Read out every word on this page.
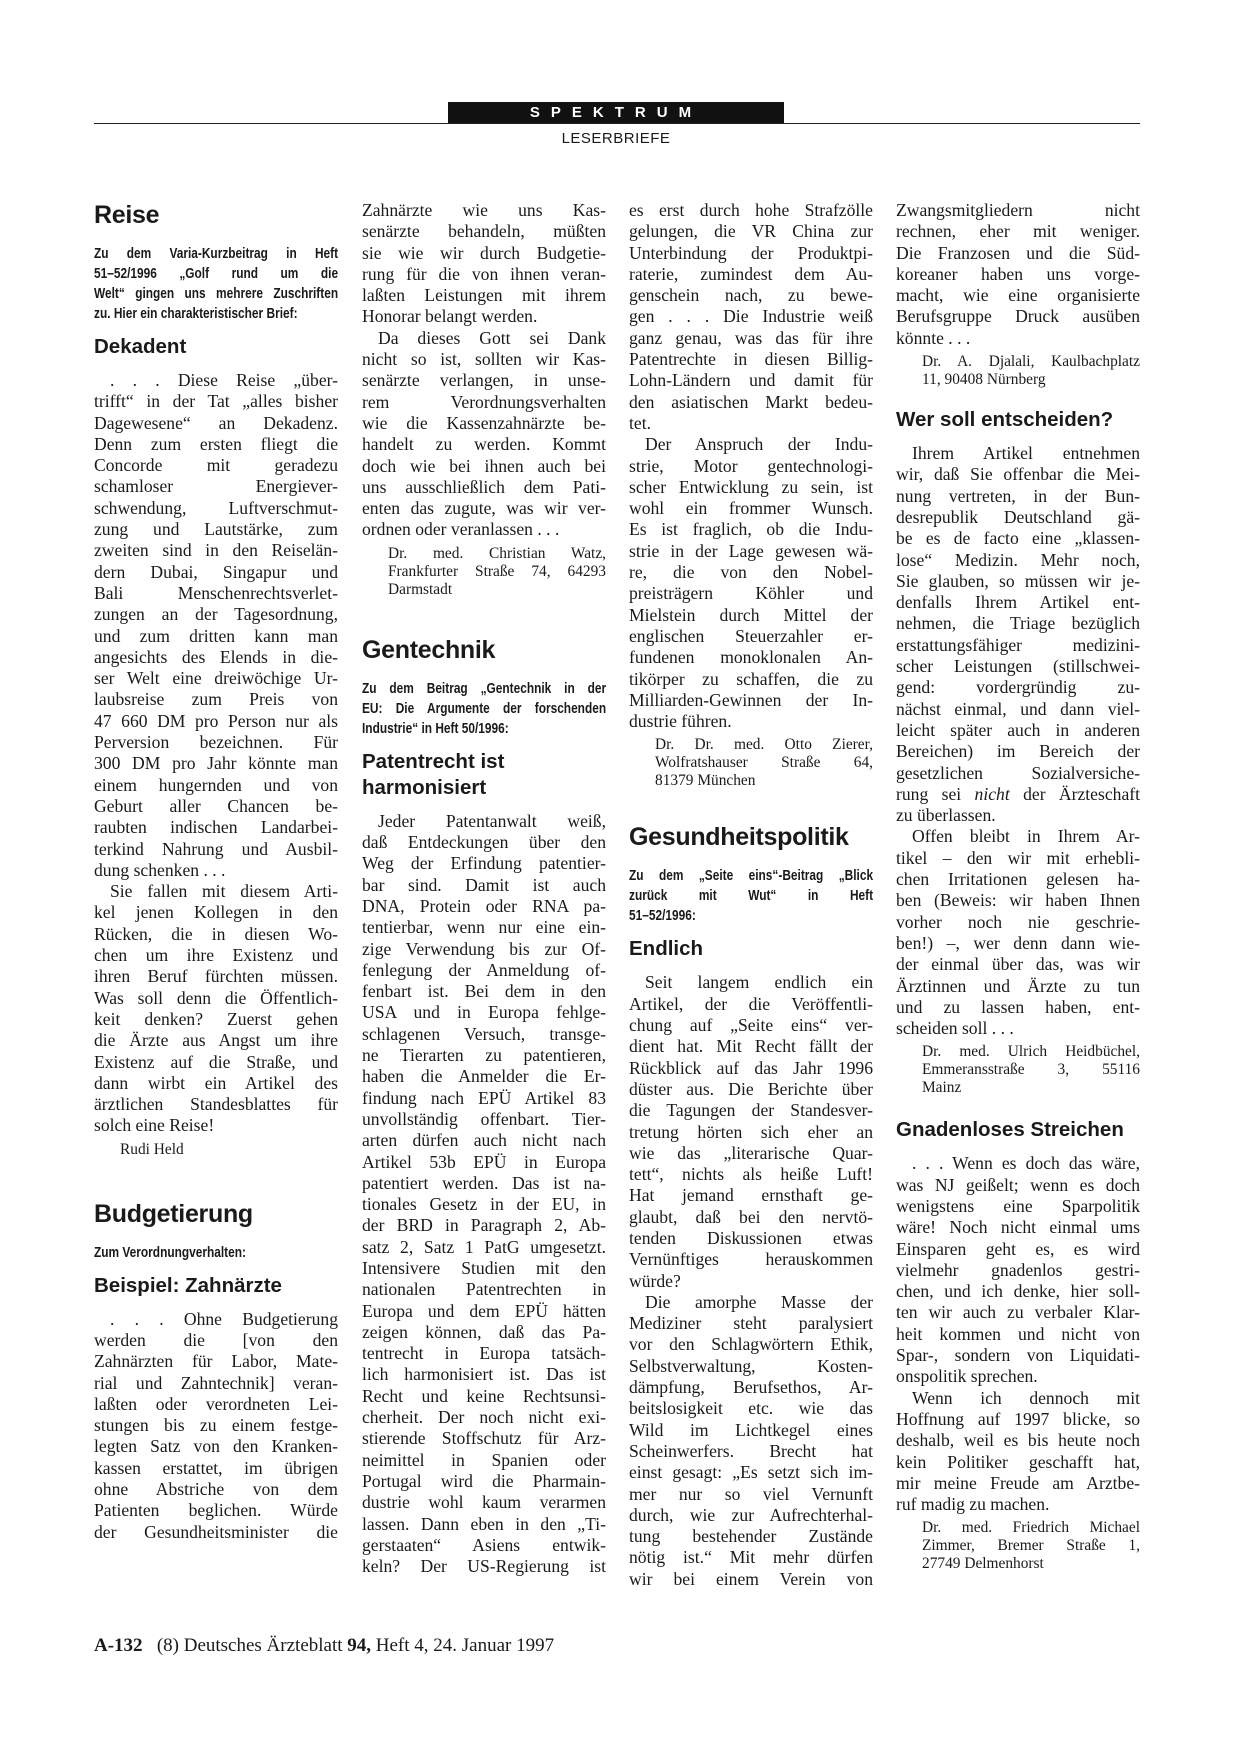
SPEKTRUM
LESERBRIEFE
Reise
Zu dem Varia-Kurzbeitrag in Heft
51–52/1996 „Golf rund um die
Welt“ gingen uns mehrere Zuschriften
zu. Hier ein charakteristischer Brief:
Dekadent
. . . Diese Reise „über-
trifft“ in der Tat „alles bisher
Dagewesene“ an Dekadenz.
Denn zum ersten fliegt die
Concorde mit geradezu
schamloser Energiever-
schwendung, Luftverschmut-
zung und Lautstärke, zum
zweiten sind in den Reiselän-
dern Dubai, Singapur und
Bali Menschenrechtsverlet-
zungen an der Tagesordnung,
und zum dritten kann man
angesichts des Elends in die-
ser Welt eine dreiwöchige Ur-
laubsreise zum Preis von
47 660 DM pro Person nur als
Perversion bezeichnen. Für
300 DM pro Jahr könnte man
einem hungernden und von
Geburt aller Chancen be-
raubten indischen Landarbei-
terkind Nahrung und Ausbil-
dung schenken . . .
Sie fallen mit diesem Arti-
kel jenen Kollegen in den
Rücken, die in diesen Wo-
chen um ihre Existenz und
ihren Beruf fürchten müssen.
Was soll denn die Öffentlich-
keit denken? Zuerst gehen
die Ärzte aus Angst um ihre
Existenz auf die Straße, und
dann wirbt ein Artikel des
ärztlichen Standesblattes für
solch eine Reise!
Rudi Held
Budgetierung
Zum Verordnungverhalten:
Beispiel: Zahnärzte
. . . Ohne Budgetierung
werden die [von den
Zahnärzten für Labor, Mate-
rial und Zahntechnik] veran-
laßten oder verordneten Lei-
stungen bis zu einem festge-
legten Satz von den Kranken-
kassen erstattet, im übrigen
ohne Abstriche von dem
Patienten beglichen. Würde
der Gesundheitsminister die
Zahnärzte wie uns Kas-
senärzte behandeln, müßten
sie wie wir durch Budgetie-
rung für die von ihnen veran-
laßten Leistungen mit ihrem
Honorar belangt werden.
Da dieses Gott sei Dank
nicht so ist, sollten wir Kas-
senärzte verlangen, in unse-
rem Verordnungsverhalten
wie die Kassenzahnärzte be-
handelt zu werden. Kommt
doch wie bei ihnen auch bei
uns ausschließlich dem Pati-
enten das zugute, was wir ver-
ordnen oder veranlassen . . .
Dr. med. Christian Watz,
Frankfurter Straße 74, 64293
Darmstadt
Gentechnik
Zu dem Beitrag „Gentechnik in der
EU: Die Argumente der forschenden
Industrie“ in Heft 50/1996:
Patentrecht ist
harmonisiert
Jeder Patentanwalt weiß,
daß Entdeckungen über den
Weg der Erfindung patentier-
bar sind. Damit ist auch
DNA, Protein oder RNA pa-
tentierbar, wenn nur eine ein-
zige Verwendung bis zur Of-
fenlegung der Anmeldung of-
fenbart ist. Bei dem in den
USA und in Europa fehlge-
schlagenen Versuch, transge-
ne Tierarten zu patentieren,
haben die Anmelder die Er-
findung nach EPÜ Artikel 83
unvollständig offenbart. Tier-
arten dürfen auch nicht nach
Artikel 53b EPÜ in Europa
patentiert werden. Das ist na-
tionales Gesetz in der EU, in
der BRD in Paragraph 2, Ab-
satz 2, Satz 1 PatG umgesetzt.
Intensivere Studien mit den
nationalen Patentrechten in
Europa und dem EPÜ hätten
zeigen können, daß das Pa-
tentrecht in Europa tatsäch-
lich harmonisiert ist. Das ist
Recht und keine Rechtsunsi-
cherheit. Der noch nicht exi-
stierende Stoffschutz für Arz-
neimittel in Spanien oder
Portugal wird die Pharmain-
dustrie wohl kaum verarmen
lassen. Dann eben in den „Ti-
gerstaaten“ Asiens entwik-
keln? Der US-Regierung ist
es erst durch hohe Strafzölle
gelungen, die VR China zur
Unterbindung der Produktpi-
raterie, zumindest dem Au-
genschein nach, zu bewe-
gen . . . Die Industrie weiß
ganz genau, was das für ihre
Patentrechte in diesen Billig-
Lohn-Ländern und damit für
den asiatischen Markt bedeu-
tet.
Der Anspruch der Indu-
strie, Motor gentechnologi-
scher Entwicklung zu sein, ist
wohl ein frommer Wunsch.
Es ist fraglich, ob die Indu-
strie in der Lage gewesen wä-
re, die von den Nobel-
preisträgern Köhler und
Mielstein durch Mittel der
englischen Steuerzahler er-
fundenen monoklonalen An-
tikörper zu schaffen, die zu
Milliarden-Gewinnen der In-
dustrie führen.
Dr. Dr. med. Otto Zierer,
Wolfratshauser Straße 64,
81379 München
Gesundheitspolitik
Zu dem „Seite eins“-Beitrag „Blick
zurück mit Wut“ in Heft
51–52/1996:
Endlich
Seit langem endlich ein
Artikel, der die Veröffentli-
chung auf „Seite eins“ ver-
dient hat. Mit Recht fällt der
Rückblick auf das Jahr 1996
düster aus. Die Berichte über
die Tagungen der Standesver-
tretung hörten sich eher an
wie das „literarische Quar-
tett“, nichts als heiße Luft!
Hat jemand ernsthaft ge-
glaubt, daß bei den nervtö-
tenden Diskussionen etwas
Vernünftiges herauskommen
würde?
Die amorphe Masse der
Mediziner steht paralysiert
vor den Schlagwörtern Ethik,
Selbstverwaltung, Kosten-
dämpfung, Berufsethos, Ar-
beitslosigkeit etc. wie das
Wild im Lichtkegel eines
Scheinwerfers. Brecht hat
einst gesagt: „Es setzt sich im-
mer nur so viel Vernunft
durch, wie zur Aufrechterhal-
tung bestehender Zustände
nötig ist.“ Mit mehr dürfen
wir bei einem Verein von
Zwangsmitgliedern nicht
rechnen, eher mit weniger.
Die Franzosen und die Süd-
koreaner haben uns vorge-
macht, wie eine organisierte
Berufsgruppe Druck ausüben
könnte . . .
Dr. A. Djalali, Kaulbachplatz
11, 90408 Nürnberg
Wer soll entscheiden?
Ihrem Artikel entnehmen
wir, daß Sie offenbar die Mei-
nung vertreten, in der Bun-
desrepublik Deutschland gä-
be es de facto eine „klassen-
lose“ Medizin. Mehr noch,
Sie glauben, so müssen wir je-
denfalls Ihrem Artikel ent-
nehmen, die Triage bezüglich
erstattungsfähiger medizini-
scher Leistungen (stillschwei-
gend: vordergründig zu-
nächst einmal, und dann viel-
leicht später auch in anderen
Bereichen) im Bereich der
gesetzlichen Sozialversiche-
rung sei nicht der Ärzteschaft
zu überlassen.
Offen bleibt in Ihrem Ar-
tikel – den wir mit erhebli-
chen Irritationen gelesen ha-
ben (Beweis: wir haben Ihnen
vorher noch nie geschrie-
ben!) –, wer denn dann wie-
der einmal über das, was wir
Ärztinnen und Ärzte zu tun
und zu lassen haben, ent-
scheiden soll . . .
Dr. med. Ulrich Heidbüchel,
Emmeransstraße 3, 55116
Mainz
Gnadenloses Streichen
. . . Wenn es doch das wäre,
was NJ geißelt; wenn es doch
wenigstens eine Sparpolitik
wäre! Noch nicht einmal ums
Einsparen geht es, es wird
vielmehr gnadenlos gestri-
chen, und ich denke, hier soll-
ten wir auch zu verbaler Klar-
heit kommen und nicht von
Spar-, sondern von Liquidati-
onspolitik sprechen.
Wenn ich dennoch mit
Hoffnung auf 1997 blicke, so
deshalb, weil es bis heute noch
kein Politiker geschafft hat,
mir meine Freude am Arztbe-
ruf madig zu machen.
Dr. med. Friedrich Michael
Zimmer, Bremer Straße 1,
27749 Delmenhorst
A-132 (8) Deutsches Ärzteblatt 94, Heft 4, 24. Januar 1997
